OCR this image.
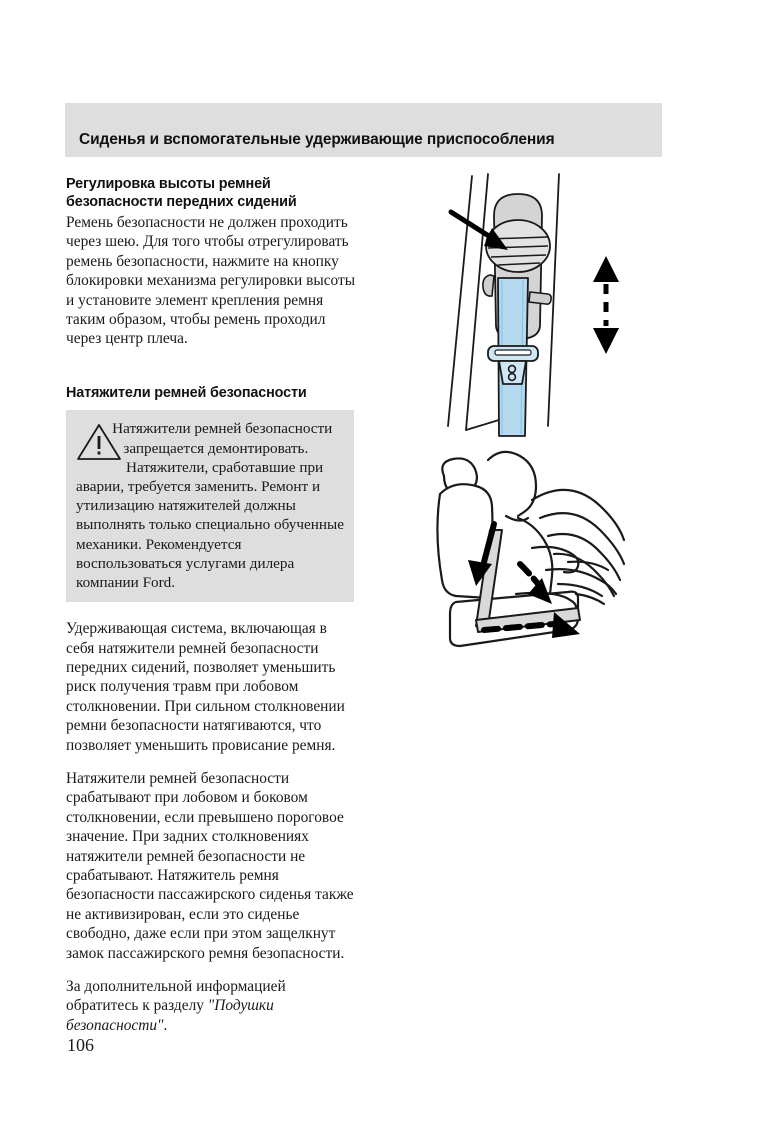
Сиденья и вспомогательные удерживающие приспособления
Регулировка высоты ремней
безопасности передних сидений

Ремень безопасности не должен проходить через шею. Для того чтобы отрегулировать ремень безопасности, нажмите на кнопку блокировки механизма регулировки высоты и установите элемент крепления ремня таким образом, чтобы ремень проходил через центр плеча.

Натяжители ремней безопасности

Натяжители ремней безопасности запрещается демонтировать. Натяжители, сработавшие при аварии, требуется заменить. Ремонт и утилизацию натяжителей должны выполнять только специально обученные механики. Рекомендуется воспользоваться услугами дилера компании Ford.

Удерживающая система, включающая в себя натяжители ремней безопасности передних сидений, позволяет уменьшить риск получения травм при лобовом столкновении. При сильном столкновении ремни безопасности натягиваются, что позволяет уменьшить провисание ремня.

Натяжители ремней безопасности срабатывают при лобовом и боковом столкновении, если превышено пороговое значение. При задних столкновениях натяжители ремней безопасности не срабатывают. Натяжитель ремня безопасности пассажирского сиденья также не активизирован, если это сиденье свободно, даже если при этом защелкнут замок пассажирского ремня безопасности.

За дополнительной информацией обратитесь к разделу "Подушки безопасности".

106
